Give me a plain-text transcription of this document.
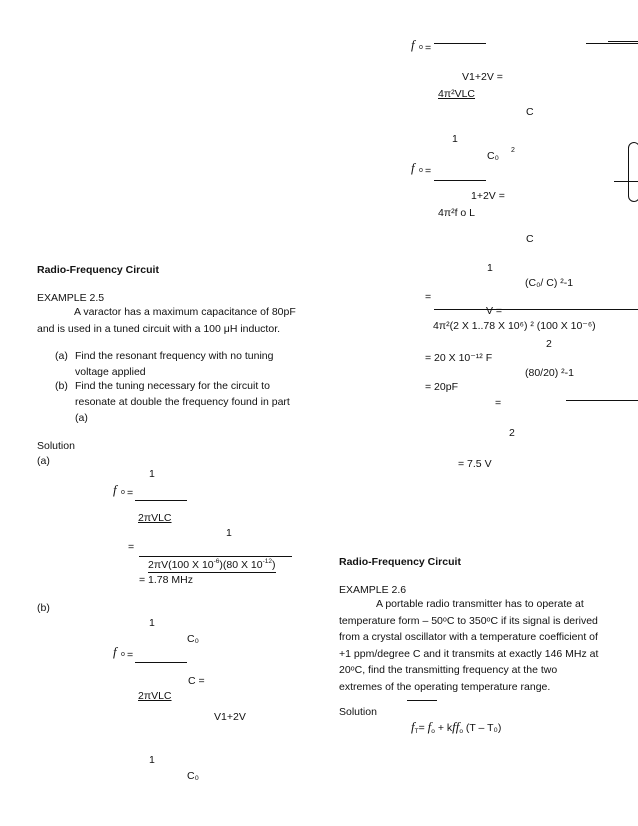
f o =
V1+2V =
4π²VLC
C
1
C₀ 2
f o =
1+2V =
4π²f o L
C
1
(C₀/ C) ²-1
=
V =
4π²(2 X 1..78 X 10⁶) ² (100 X 10⁻⁶)
2
= 20 X 10⁻¹² F
(80/20) ²-1
= 20pF
=
2
= 7.5 V
Radio-Frequency Circuit
EXAMPLE 2.5
A varactor has a maximum capacitance of 80pF and is used in a tuned circuit with a 100 μH inductor.
(a) Find the resonant frequency with no tuning voltage applied
(b) Find the tuning necessary for the circuit to resonate at double the frequency found in part (a)
Solution
(a)
1
f o =
2πVLC
1
=
2πV(100 X $10^{-6})(80$ X $10^{-12}$)
= 1.78 MHz
(b)
1
C₀
f o =
C =
2πVLC
V1+2V
1
C₀
Radio-Frequency Circuit
EXAMPLE 2.6
A portable radio transmitter has to operate at temperature form – 50ᵒC to 350ᵒC if its signal is derived from a crystal oscillator with a temperature coefficient of +1 ppm/degree C and it transmits at exactly 146 MHz at 20ᵒC, find the transmitting frequency at the two extremes of the operating temperature range.
Solution
$f_T= f_o + kff_o$ (T – T₀)
